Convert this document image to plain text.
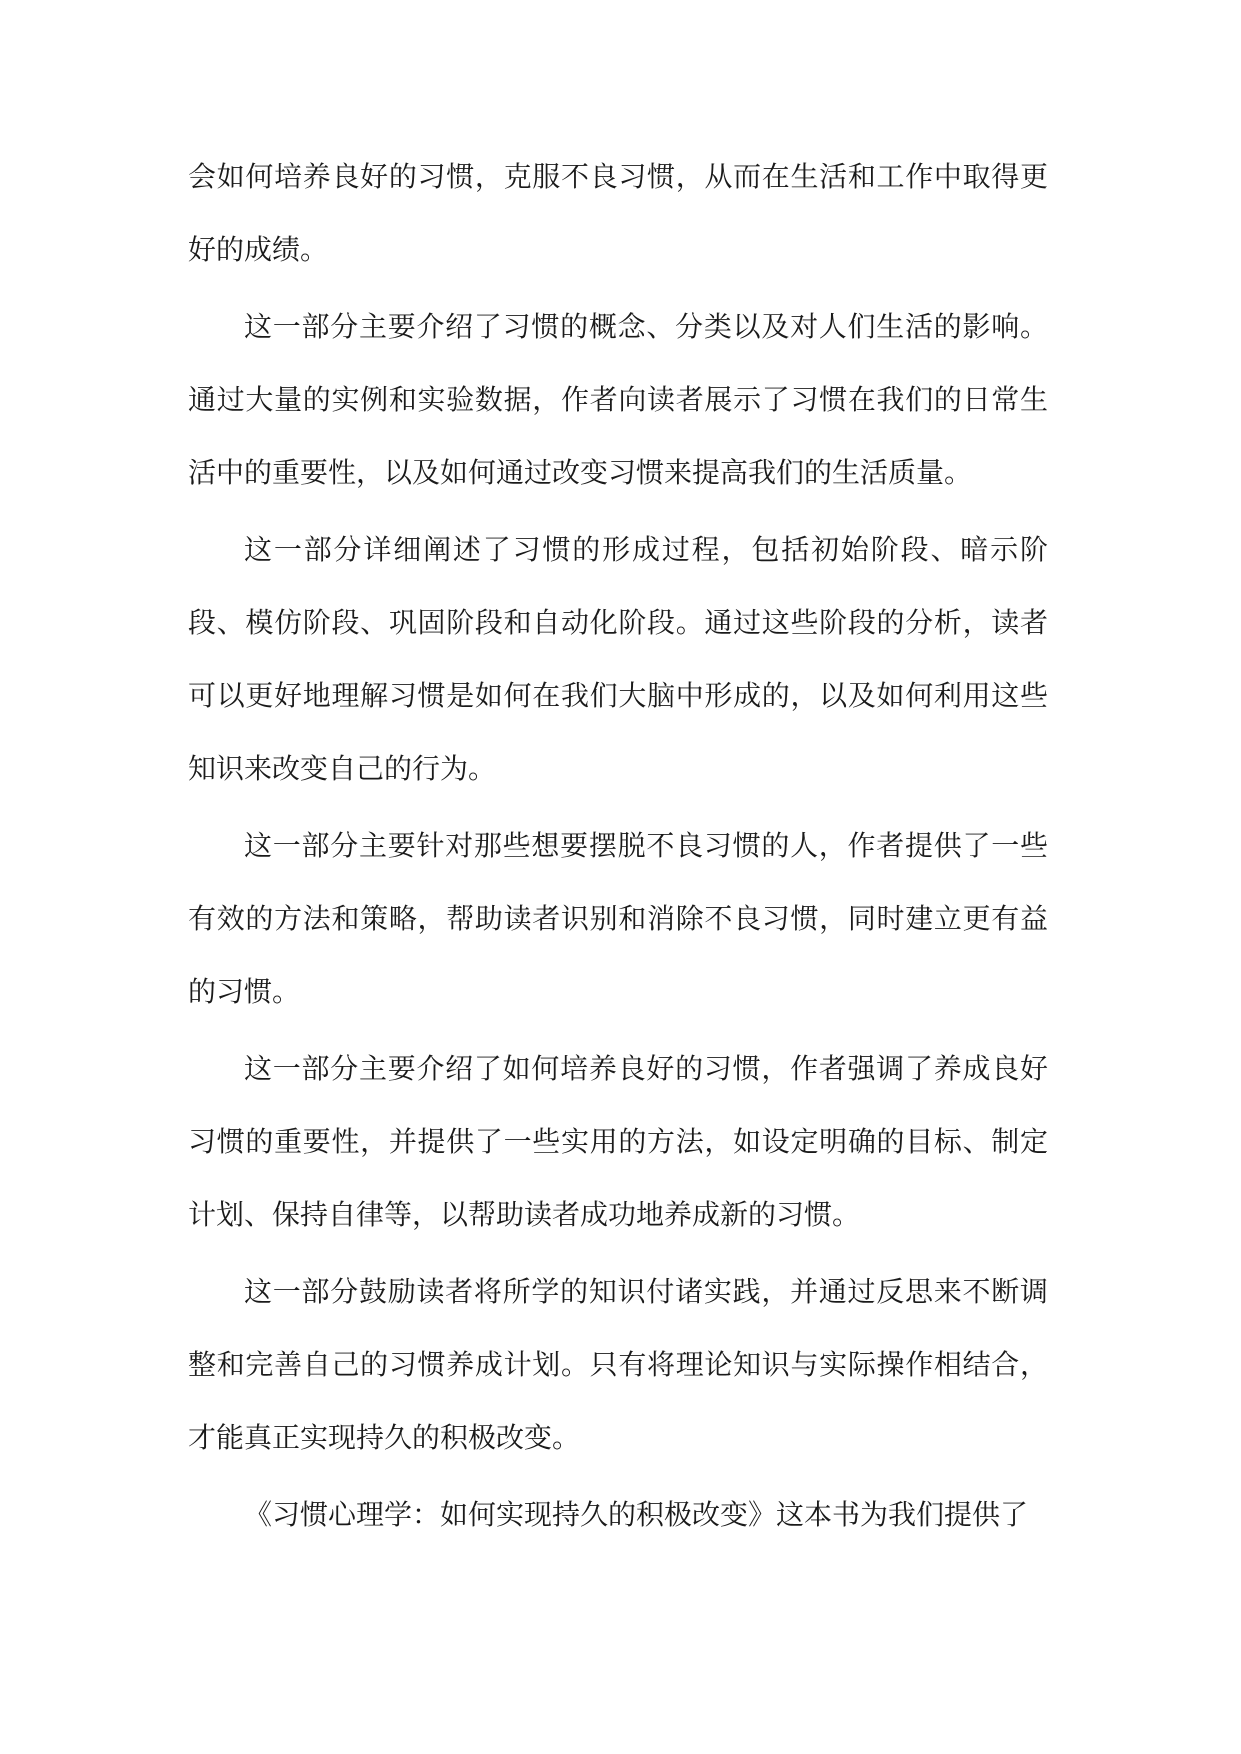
会如何培养良好的习惯，克服不良习惯，从而在生活和工作中取得更好的成绩。

这一部分主要介绍了习惯的概念、分类以及对人们生活的影响。通过大量的实例和实验数据，作者向读者展示了习惯在我们的日常生活中的重要性，以及如何通过改变习惯来提高我们的生活质量。

这一部分详细阐述了习惯的形成过程，包括初始阶段、暗示阶段、模仿阶段、巩固阶段和自动化阶段。通过这些阶段的分析，读者可以更好地理解习惯是如何在我们大脑中形成的，以及如何利用这些知识来改变自己的行为。

这一部分主要针对那些想要摆脱不良习惯的人，作者提供了一些有效的方法和策略，帮助读者识别和消除不良习惯，同时建立更有益的习惯。

这一部分主要介绍了如何培养良好的习惯，作者强调了养成良好习惯的重要性，并提供了一些实用的方法，如设定明确的目标、制定计划、保持自律等，以帮助读者成功地养成新的习惯。

这一部分鼓励读者将所学的知识付诸实践，并通过反思来不断调整和完善自己的习惯养成计划。只有将理论知识与实际操作相结合，才能真正实现持久的积极改变。

《习惯心理学：如何实现持久的积极改变》这本书为我们提供了
